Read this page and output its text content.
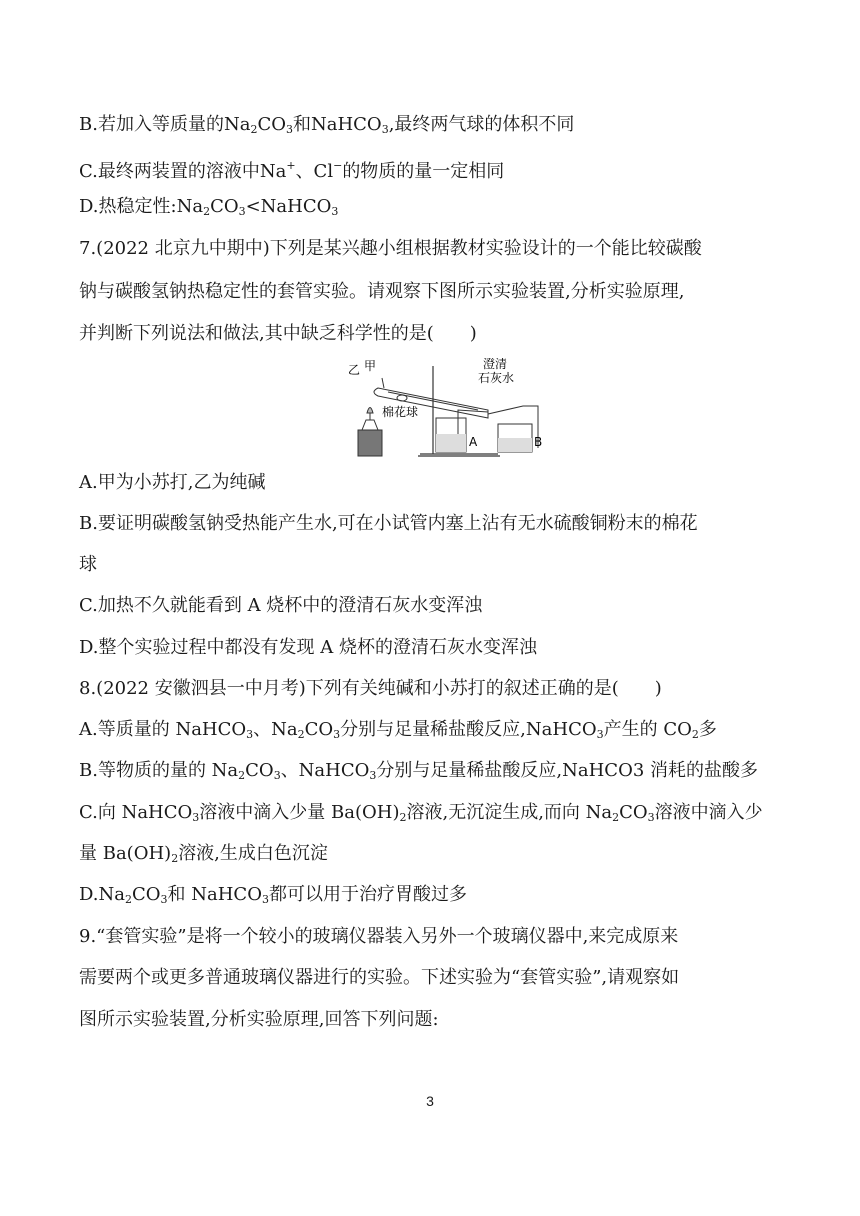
B.若加入等质量的$Na_2CO_3$和NaHCO$_3$,最终两气球的体积不同
C.最终两装置的溶液中Na+、Cl−的物质的量一定相同
D.热稳定性$:Na_2CO_3<NaHCO_3$
7.(2022 北京九中期中)下列是某兴趣小组根据教材实验设计的一个能比较碳酸
钠与碳酸氢钠热稳定性的套管实验。请观察下图所示实验装置,分析实验原理,
并判断下列说法和做法,其中缺乏科学性的是(　　)
乙 甲
棉花球
澄清
石灰水
A	B
A.甲为小苏打,乙为纯碱
B.要证明碳酸氢钠受热能产生水,可在小试管内塞上沾有无水硫酸铜粉末的棉花
球
C.加热不久就能看到 A 烧杯中的澄清石灰水变浑浊
D.整个实验过程中都没有发现 A 烧杯的澄清石灰水变浑浊
8.(2022 安徽泗县一中月考)下列有关纯碱和小苏打的叙述正确的是(　　)
A.等质量的 NaHCO$_3$、$Na_2CO_3$分别与足量稀盐酸反应,NaHCO$_3$产生的 $CO_2$多
B.等物质的量的 $Na_2CO_3$、NaHCO$_3$分别与足量稀盐酸反应,NaHCO3 消耗的盐酸多
C.向 NaHCO$_3$溶液中滴入少量 $Ba(OH)_2$溶液,无沉淀生成,而向 $Na_2CO_3$溶液中滴入少
量 $Ba(OH)_2$溶液,生成白色沉淀
$D.Na_2CO_3$和 NaHCO$_3$都可以用于治疗胃酸过多
9.“套管实验”是将一个较小的玻璃仪器装入另外一个玻璃仪器中,来完成原来
需要两个或更多普通玻璃仪器进行的实验。下述实验为“套管实验”,请观察如
图所示实验装置,分析实验原理,回答下列问题:
3
